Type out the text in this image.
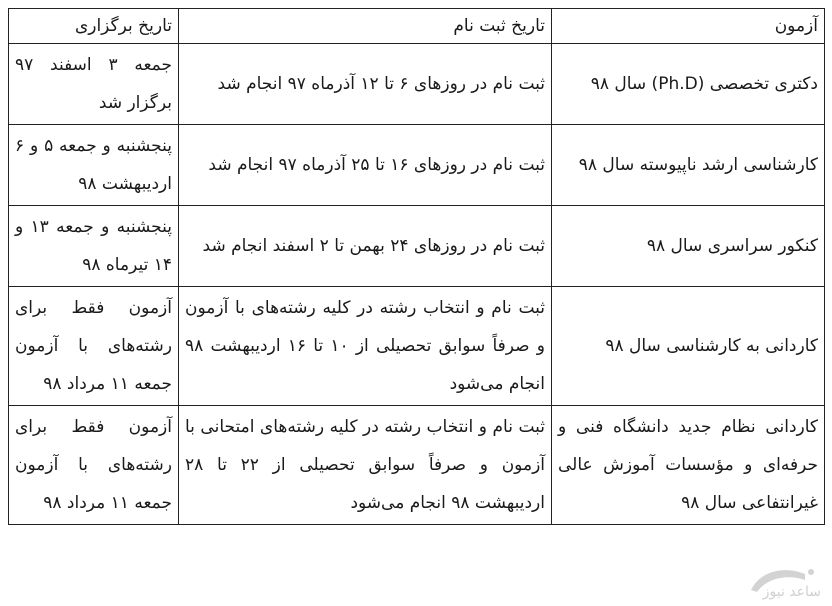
آزمون	تاریخ ثبت نام	تاریخ برگزاری
دکتری تخصصی (Ph.D) سال ۹۸	ثبت نام در روزهای ۶ تا ۱۲ آذرماه ۹۷ انجام شد	جمعه ۳ اسفند ۹۷ برگزار شد
کارشناسی ارشد ناپیوسته سال ۹۸	ثبت نام در روزهای ۱۶ تا ۲۵ آذرماه ۹۷ انجام شد	پنجشنبه و جمعه ۵ و ۶ اردیبهشت ۹۸
کنکور سراسری سال ۹۸	ثبت نام در روزهای ۲۴ بهمن تا ۲ اسفند انجام شد	پنجشنبه و جمعه ۱۳ و ۱۴ تیرماه ۹۸
کاردانی به کارشناسی سال ۹۸	ثبت نام و انتخاب رشته در کلیه رشته‌های با آزمون و صرفاً سوابق تحصیلی از ۱۰ تا ۱۶ اردیبهشت ۹۸ انجام می‌شود	آزمون فقط برای رشته‌های با آزمون جمعه ۱۱ مرداد ۹۸
کاردانی نظام جدید دانشگاه فنی و حرفه‌ای و مؤسسات آموزش عالی غیرانتفاعی سال ۹۸	ثبت نام و انتخاب رشته در کلیه رشته‌های امتحانی با آزمون و صرفاً سوابق تحصیلی از ۲۲ تا ۲۸ اردیبهشت ۹۸ انجام می‌شود	آزمون فقط برای رشته‌های با آزمون جمعه ۱۱ مرداد ۹۸
ساعد نیوز
